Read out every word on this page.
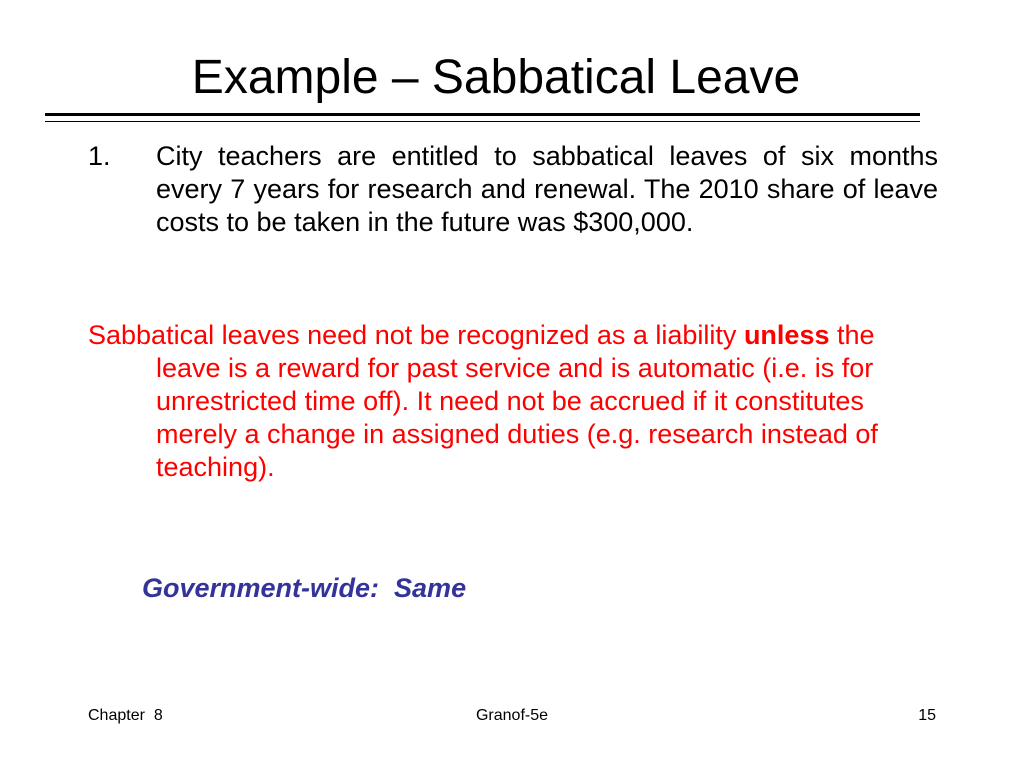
Example – Sabbatical Leave
1. City teachers are entitled to sabbatical leaves of six months every 7 years for research and renewal. The 2010 share of leave costs to be taken in the future was $300,000.
Sabbatical leaves need not be recognized as a liability unless the leave is a reward for past service and is automatic (i.e. is for unrestricted time off). It need not be accrued if it constitutes merely a change in assigned duties (e.g. research instead of teaching).
Government-wide:  Same
Chapter  8	Granof-5e	15
